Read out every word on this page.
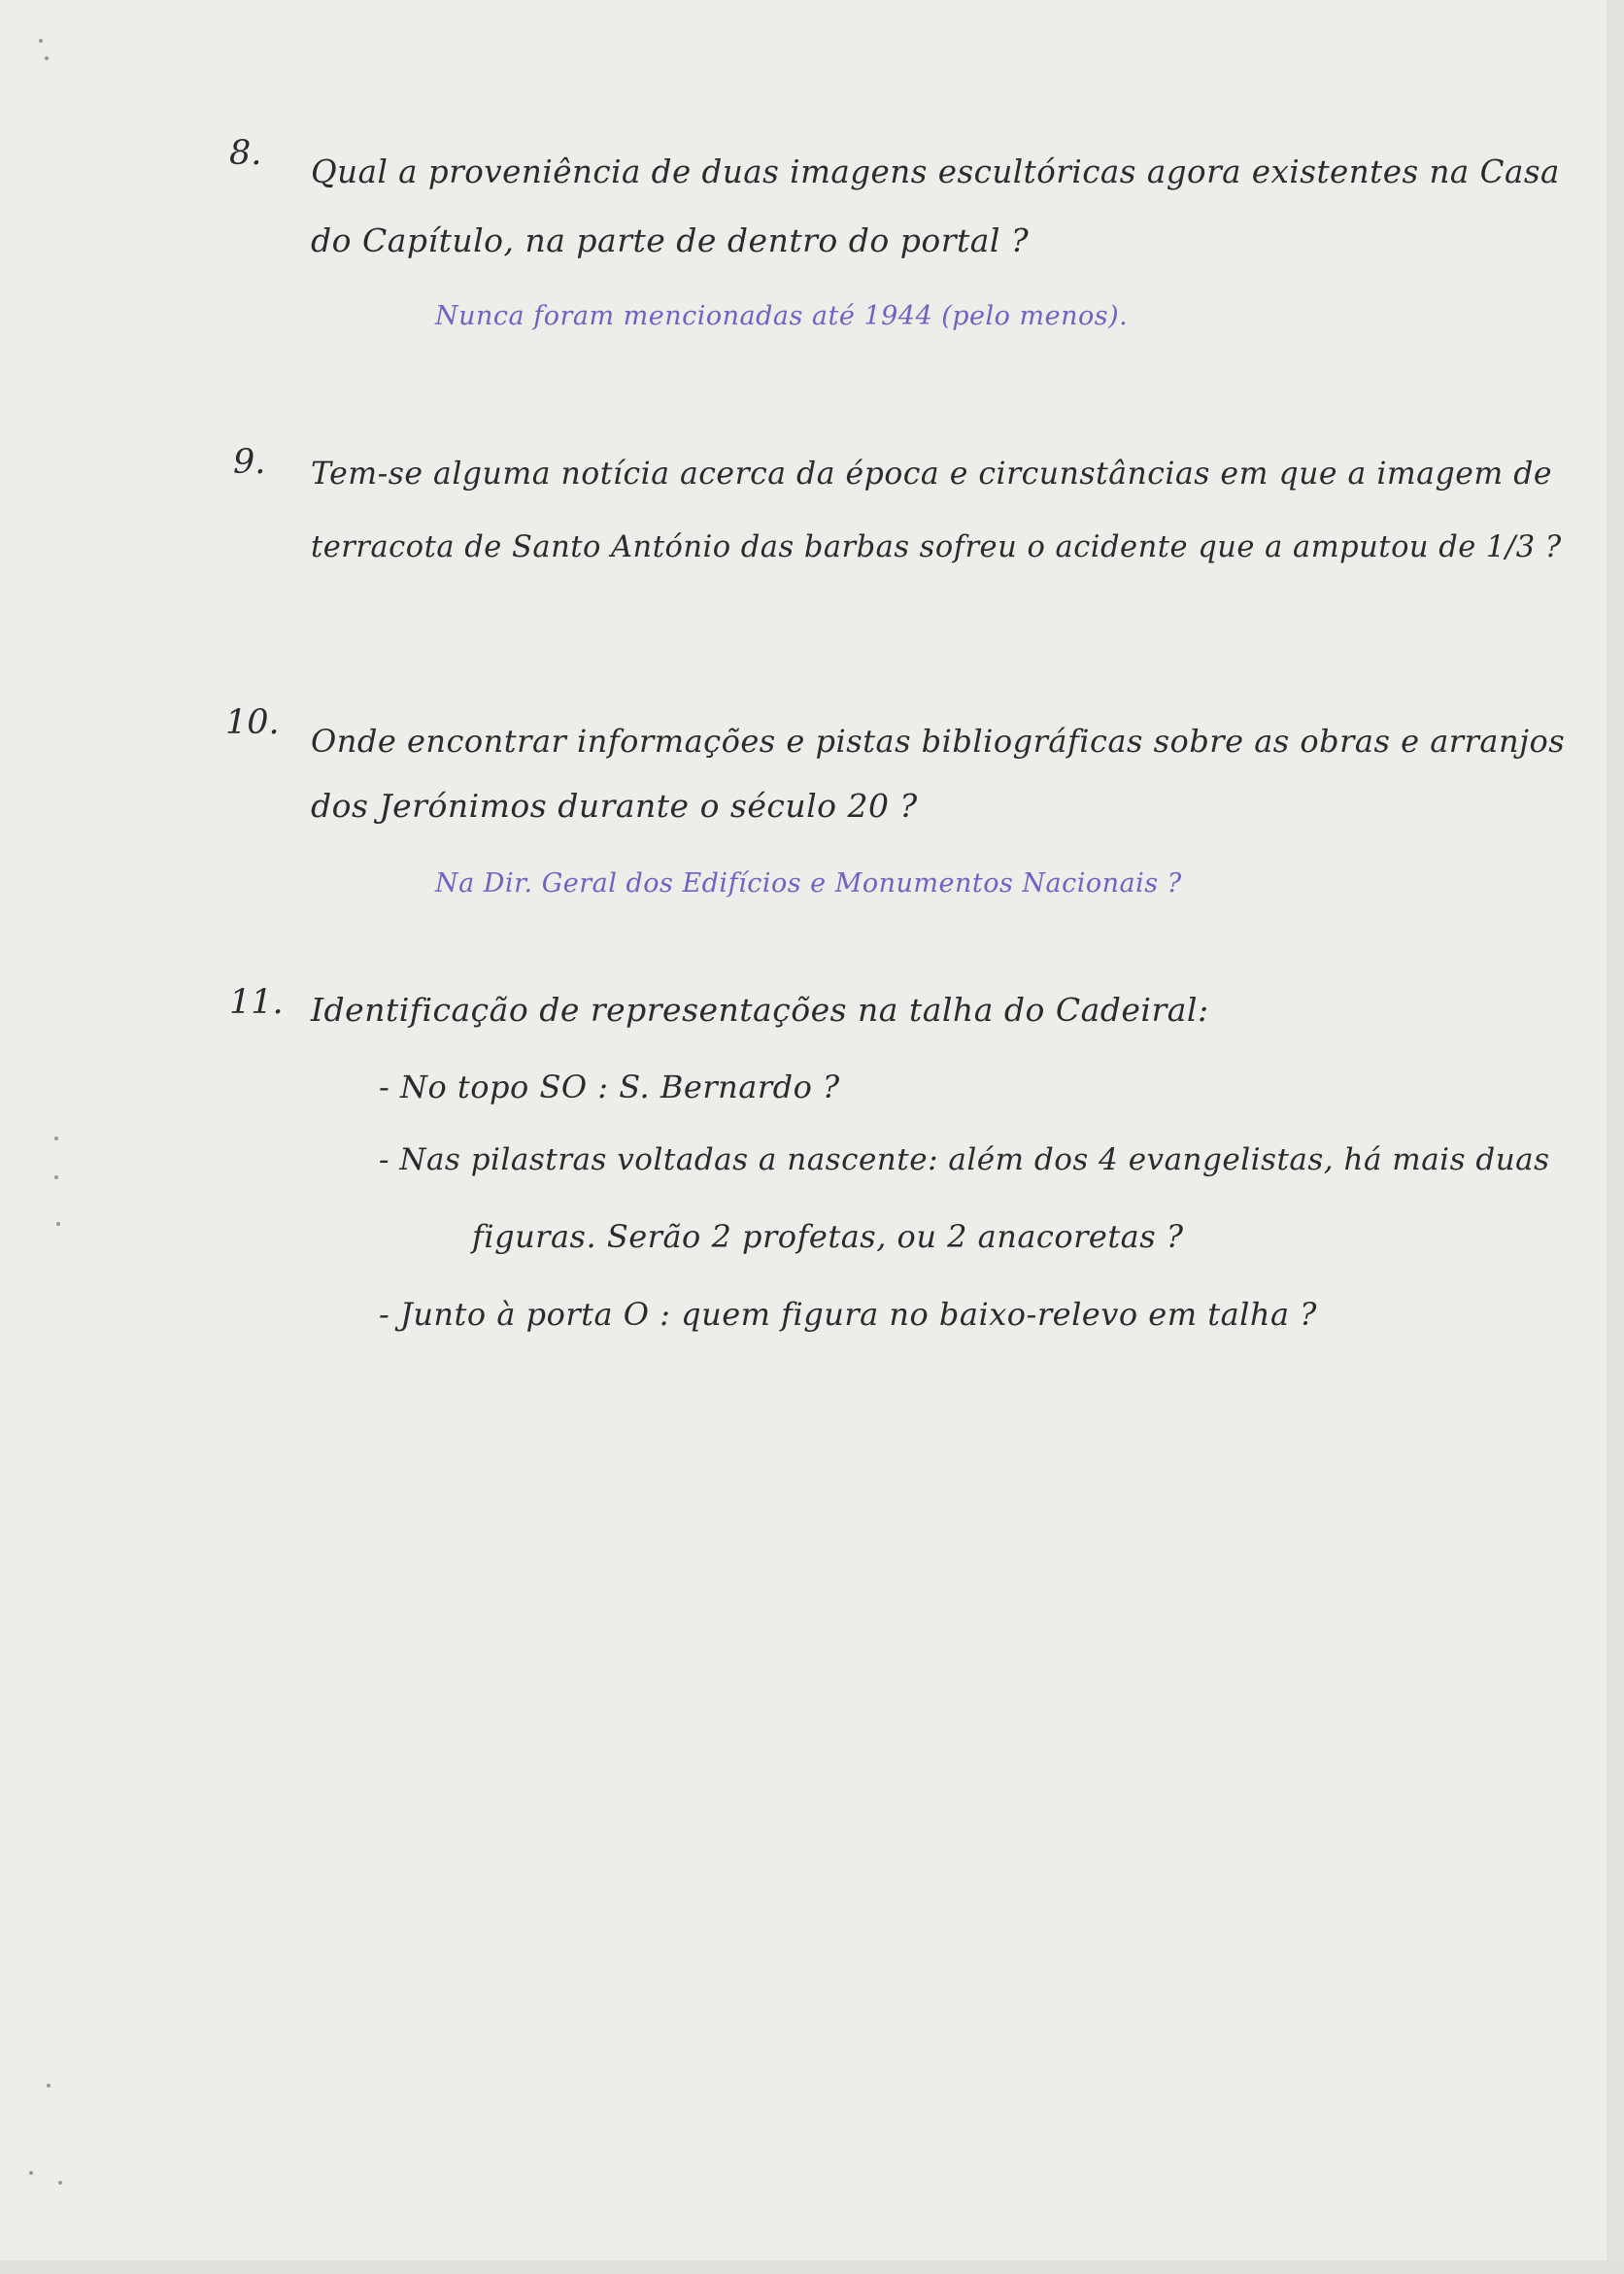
8. Qual a proveniência de duas imagens escultóricas agora existentes na Casa
do Capítulo, na parte de dentro do portal ?
Nunca foram mencionadas até 1944 (pelo menos).
9. Tem-se alguma notícia acerca da época e circunstâncias em que a imagem de
terracota de Santo António das barbas sofreu o acidente que a amputou de 1/3 ?
10. Onde encontrar informações e pistas bibliográficas sobre as obras e arranjos
dos Jerónimos durante o século 20 ?
Na Dir. Geral dos Edifícios e Monumentos Nacionais ?
11. Identificação de representações na talha do Cadeiral:
- No topo SO : S. Bernardo ?
- Nas pilastras voltadas a nascente: além dos 4 evangelistas, há mais duas
figuras. Serão 2 profetas, ou 2 anacoretas ?
- Junto à porta O : quem figura no baixo-relevo em talha ?
